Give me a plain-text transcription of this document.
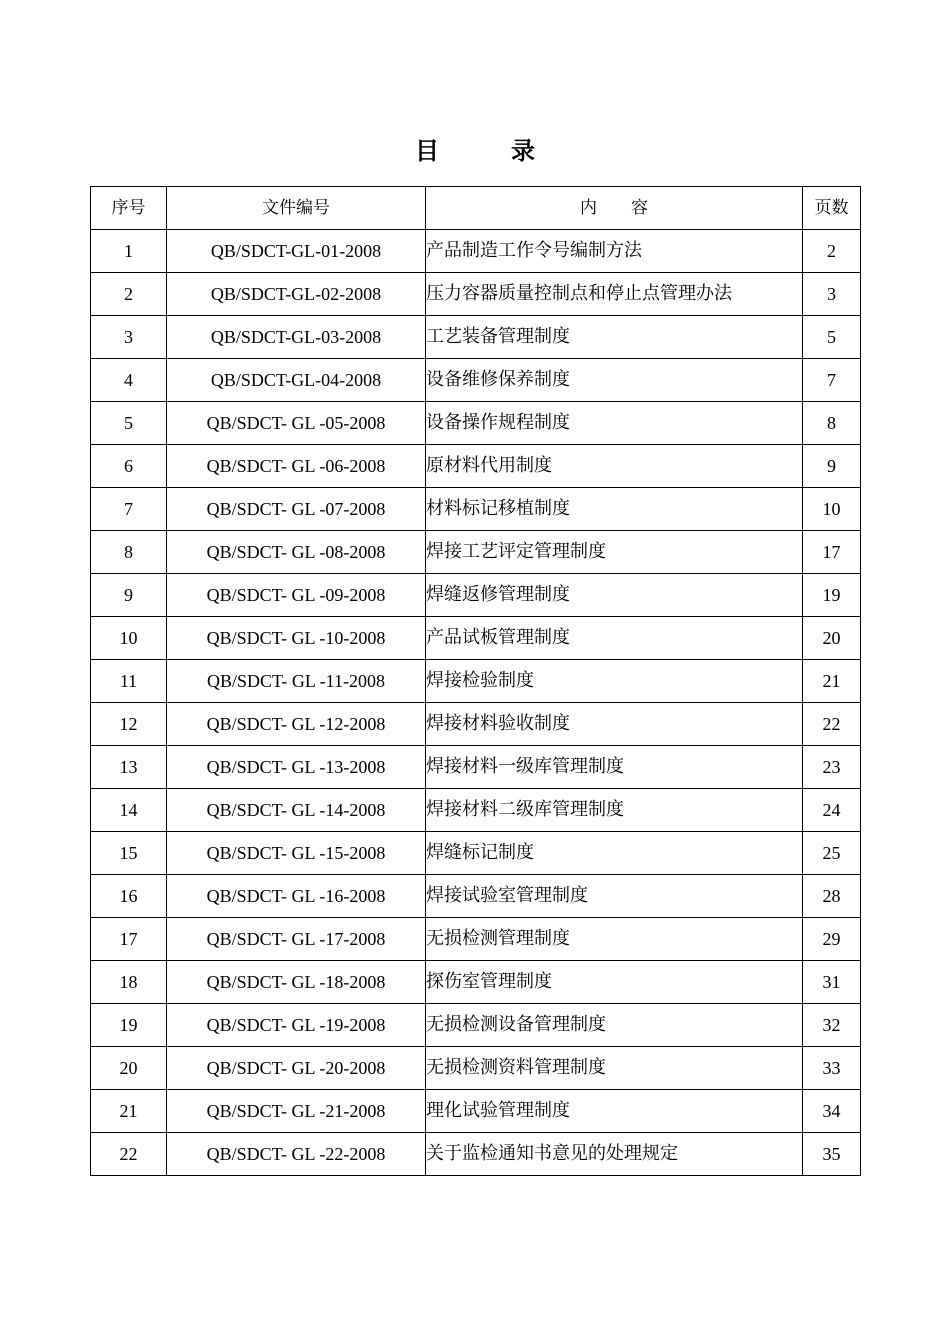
目	录
序号	文件编号	内　　容	页数
1	QB/SDCT-GL-01-2008	产品制造工作令号编制方法	2
2	QB/SDCT-GL-02-2008	压力容器质量控制点和停止点管理办法	3
3	QB/SDCT-GL-03-2008	工艺装备管理制度	5
4	QB/SDCT-GL-04-2008	设备维修保养制度	7
5	QB/SDCT- GL -05-2008	设备操作规程制度	8
6	QB/SDCT- GL -06-2008	原材料代用制度	9
7	QB/SDCT- GL -07-2008	材料标记移植制度	10
8	QB/SDCT- GL -08-2008	焊接工艺评定管理制度	17
9	QB/SDCT- GL -09-2008	焊缝返修管理制度	19
10	QB/SDCT- GL -10-2008	产品试板管理制度	20
11	QB/SDCT- GL -11-2008	焊接检验制度	21
12	QB/SDCT- GL -12-2008	焊接材料验收制度	22
13	QB/SDCT- GL -13-2008	焊接材料一级库管理制度	23
14	QB/SDCT- GL -14-2008	焊接材料二级库管理制度	24
15	QB/SDCT- GL -15-2008	焊缝标记制度	25
16	QB/SDCT- GL -16-2008	焊接试验室管理制度	28
17	QB/SDCT- GL -17-2008	无损检测管理制度	29
18	QB/SDCT- GL -18-2008	探伤室管理制度	31
19	QB/SDCT- GL -19-2008	无损检测设备管理制度	32
20	QB/SDCT- GL -20-2008	无损检测资料管理制度	33
21	QB/SDCT- GL -21-2008	理化试验管理制度	34
22	QB/SDCT- GL -22-2008	关于监检通知书意见的处理规定	35
